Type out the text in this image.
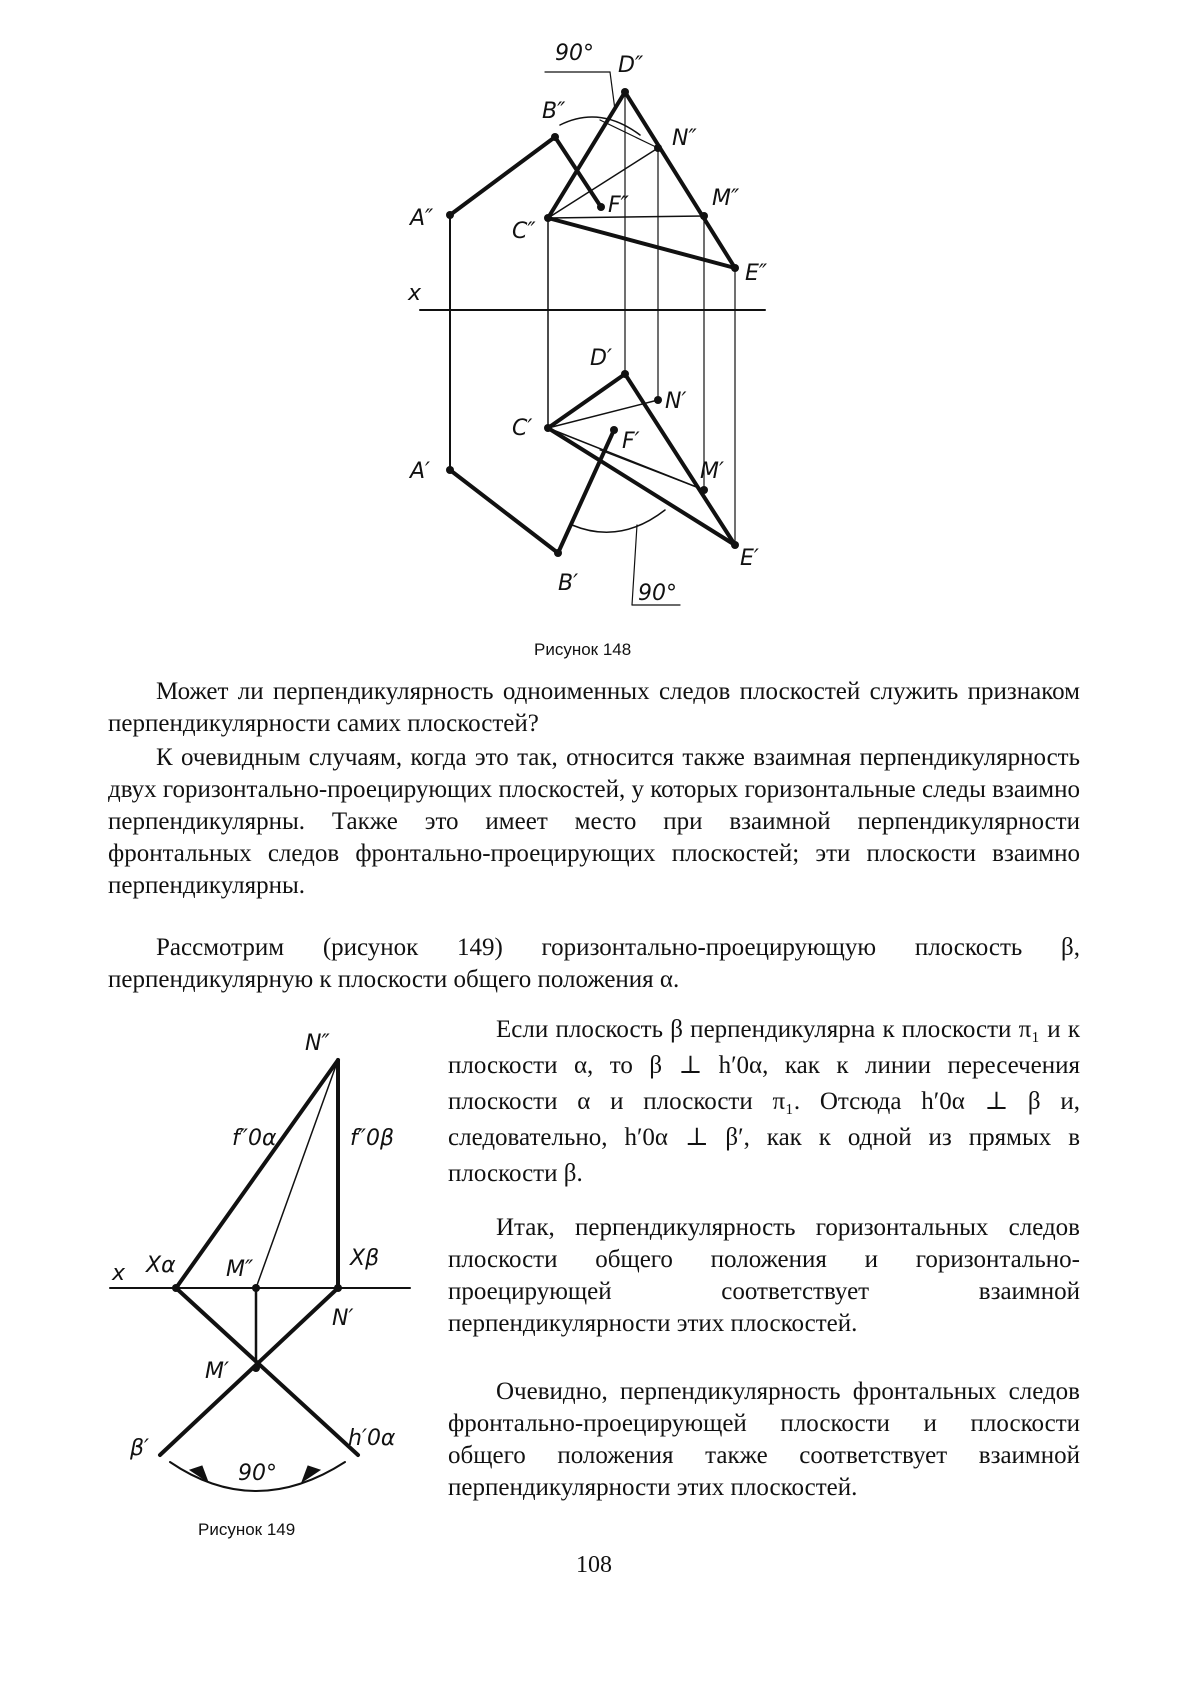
90° D″
B″
N″
A″
C″
F″	M″
E″
x
D′
N′
C′
F′
A′	M′
E′
B′	90°
Рисунок 148

Может ли перпендикулярность одноименных следов плоскостей служить признаком перпендикулярности самих плоскостей?

К очевидным случаям, когда это так, относится также взаимная перпендикулярность двух горизонтально-проецирующих плоскостей, у которых горизонтальные следы взаимно перпендикулярны. Также это имеет место при взаимной перпендикулярности фронтальных следов фронтально-проецирующих плоскостей; эти плоскости взаимно перпендикулярны.

Рассмотрим (рисунок 149) горизонтально-проецирующую плоскость β, перпендикулярную к плоскости общего положения α.

N″
f″0α	f″0β
x Xα M″	Xβ
N′
M′
β′	h′0α
90°
Рисунок 149

Если плоскость β перпендикулярна к плоскости π₁ и к плоскости α, то β ⊥ h′0α, как к линии пересечения плоскости α и плоскости π₁. Отсюда h′0α ⊥ β и, следовательно, h′0α ⊥ β′, как к одной из прямых в плоскости β.

Итак, перпендикулярность горизонтальных следов плоскости общего положения и горизонтально-проецирующей соответствует взаимной перпендикулярности этих плоскостей.

Очевидно, перпендикулярность фронтальных следов фронтально-проецирующей плоскости и плоскости общего положения также соответствует взаимной перпендикулярности этих плоскостей.

108
